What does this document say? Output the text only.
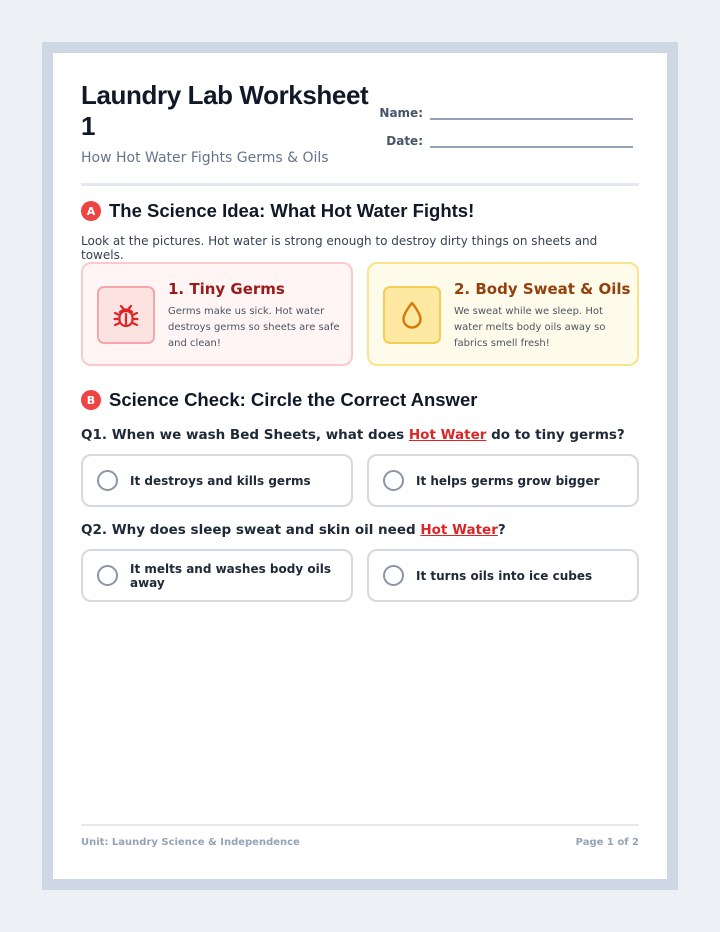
Laundry Lab Worksheet 1
How Hot Water Fights Germs & Oils
Name:
Date:
A The Science Idea: What Hot Water Fights!
Look at the pictures. Hot water is strong enough to destroy dirty things on sheets and towels.
1. Tiny Germs
Germs make us sick. Hot water destroys germs so sheets are safe and clean!
2. Body Sweat & Oils
We sweat while we sleep. Hot water melts body oils away so fabrics smell fresh!
B Science Check: Circle the Correct Answer
Q1. When we wash Bed Sheets, what does Hot Water do to tiny germs?
It destroys and kills germs	It helps germs grow bigger
Q2. Why does sleep sweat and skin oil need Hot Water?
It melts and washes body oils away	It turns oils into ice cubes
Unit: Laundry Science & Independence	Page 1 of 2
